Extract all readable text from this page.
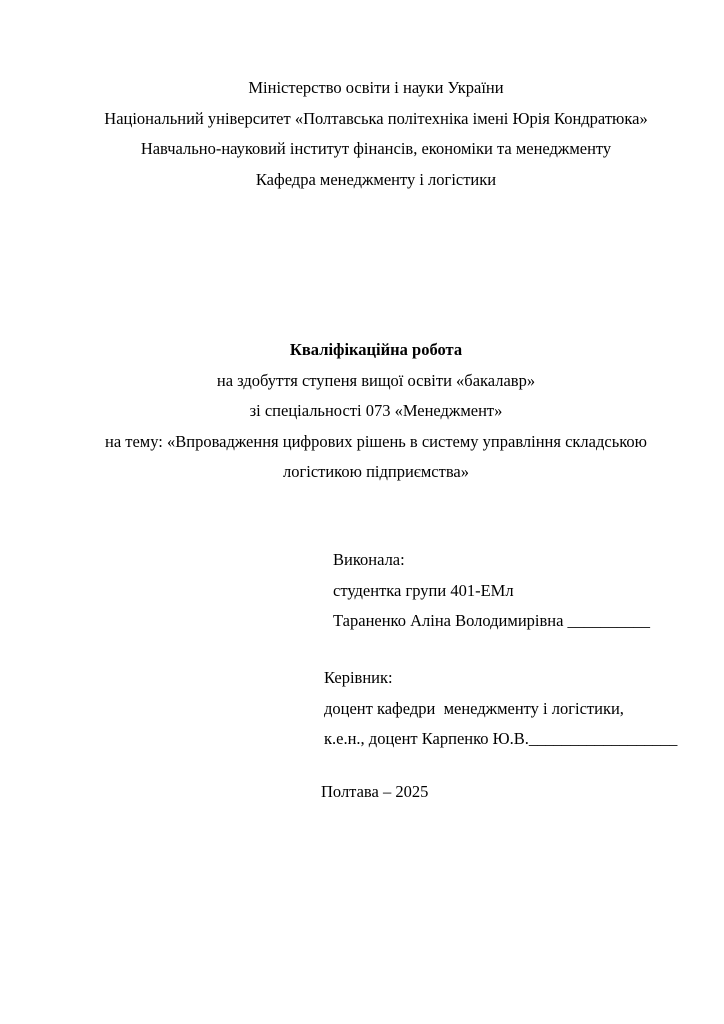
Міністерство освіти і науки України
Національний університет «Полтавська політехніка імені Юрія Кондратюка»
Навчально-науковий інститут фінансів, економіки та менеджменту
Кафедра менеджменту і логістики
Кваліфікаційна робота
на здобуття ступеня вищої освіти «бакалавр»
зі спеціальності 073 «Менеджмент»
на тему: «Впровадження цифрових рішень в систему управління складською
логістикою підприємства»
Виконала:
студентка групи 401-ЕМл
Тараненко Аліна Володимирівна __________
Керівник:
доцент кафедри  менеджменту і логістики,
к.е.н., доцент Карпенко Ю.В.__________________
Полтава – 2025
